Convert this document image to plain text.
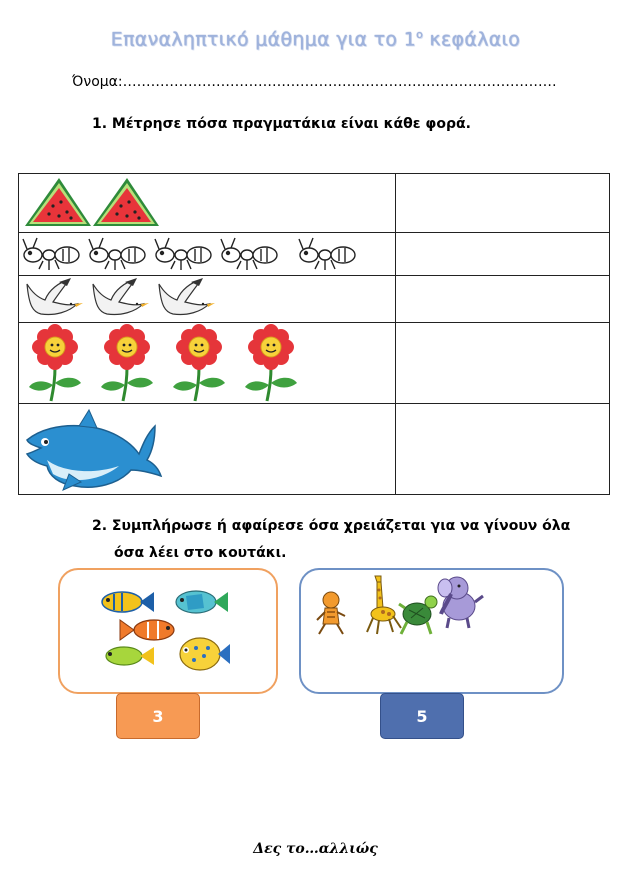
Επαναληπτικό μάθημα για το $1^o$ κεφάλαιο
Όνομα:…………………………………………………………………………………
1. Μέτρησε πόσα πραγματάκια είναι κάθε φορά.

2. Συμπλήρωσε ή αφαίρεσε όσα χρειάζεται για να γίνουν όλα
όσα λέει στο κουτάκι.
3	5
Δες το…αλλιώς
